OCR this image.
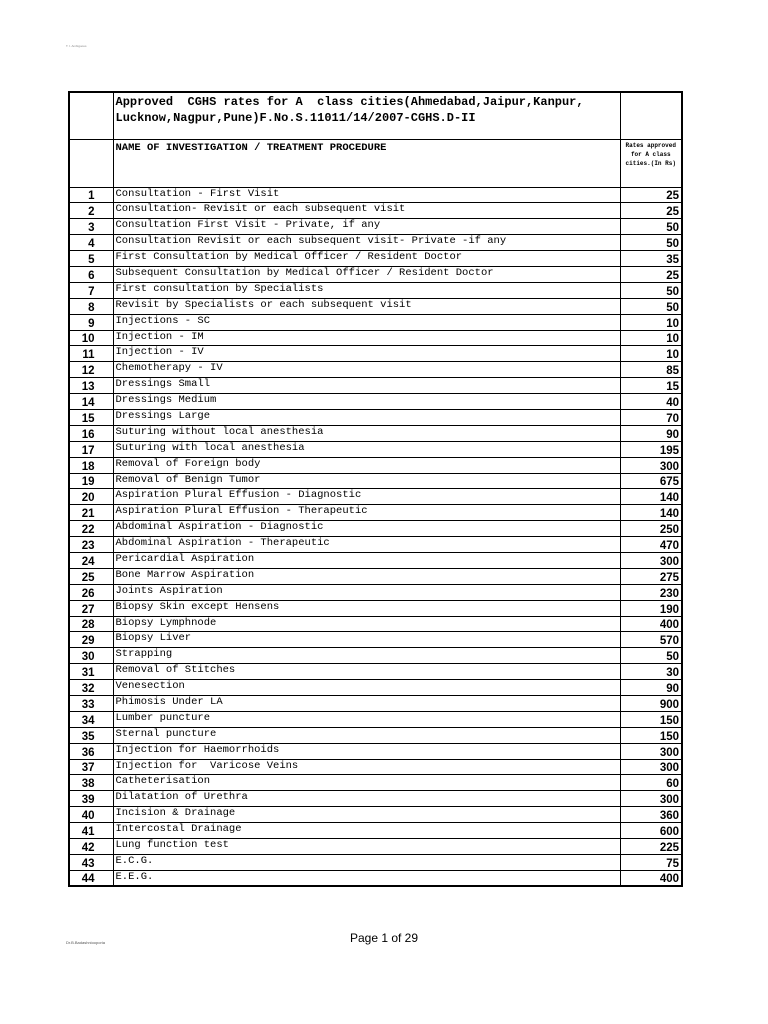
T. I. Ambiguous

	Approved  CGHS rates for A  class cities(Ahmedabad,Jaipur,Kanpur,
Lucknow,Nagpur,Pune)F.No.S.11011/14/2007-CGHS.D-II	

	NAME OF INVESTIGATION / TREATMENT PROCEDURE	Rates approved for A class cities.(In Rs)

1	Consultation - First Visit	25
2	Consultation- Revisit or each subsequent visit	25
3	Consultation First Visit - Private, if any	50
4	Consultation Revisit or each subsequent visit- Private -if any	50
5	First Consultation by Medical Officer / Resident Doctor	35
6	Subsequent Consultation by Medical Officer / Resident Doctor	25
7	First consultation by Specialists	50
8	Revisit by Specialists or each subsequent visit	50
9	Injections - SC	10
10	Injection - IM	10
11	Injection - IV	10
12	Chemotherapy - IV	85
13	Dressings Small	15
14	Dressings Medium	40
15	Dressings Large	70
16	Suturing without local anesthesia	90
17	Suturing with local anesthesia	195
18	Removal of Foreign body	300
19	Removal of Benign Tumor	675
20	Aspiration Plural Effusion - Diagnostic	140
21	Aspiration Plural Effusion - Therapeutic	140
22	Abdominal Aspiration - Diagnostic	250
23	Abdominal Aspiration - Therapeutic	470
24	Pericardial Aspiration	300
25	Bone Marrow Aspiration	275
26	Joints Aspiration	230
27	Biopsy Skin except Hensens	190
28	Biopsy Lymphnode	400
29	Biopsy Liver	570
30	Strapping	50
31	Removal of Stitches	30
32	Venesection	90
33	Phimosis Under LA	900
34	Lumber puncture	150
35	Sternal puncture	150
36	Injection for Haemorrhoids	300
37	Injection for  Varicose Veins	300
38	Catheterisation	60
39	Dilatation of Urethra	300
40	Incision & Drainage	360
41	Intercostal Drainage	600
42	Lung function test	225
43	E.C.G.	75
44	E.E.G.	400
Dr.B.Badashniooporia	Page 1 of 29
